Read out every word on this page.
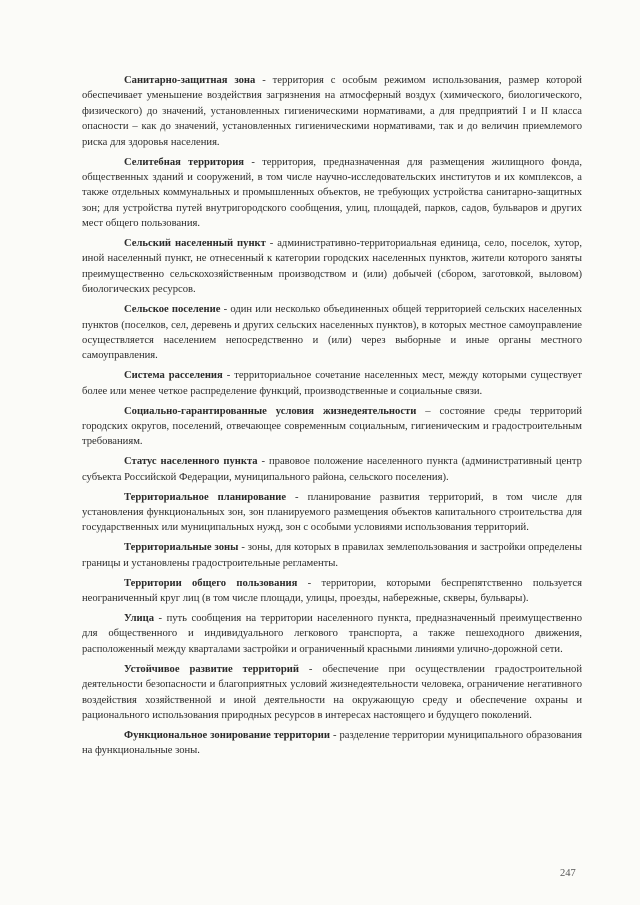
Санитарно-защитная зона - территория с особым режимом использования, размер которой обеспечивает уменьшение воздействия загрязнения на атмосферный воздух (химического, биологического, физического) до значений, установленных гигиеническими нормативами, а для предприятий I и II класса опасности – как до значений, установленных гигиеническими нормативами, так и до величин приемлемого риска для здоровья населения.

Селитебная территория - территория, предназначенная для размещения жилищного фонда, общественных зданий и сооружений, в том числе научно-исследовательских институтов и их комплексов, а также отдельных коммунальных и промышленных объектов, не требующих устройства санитарно-защитных зон; для устройства путей внутригородского сообщения, улиц, площадей, парков, садов, бульваров и других мест общего пользования.

Сельский населенный пункт - административно-территориальная единица, село, поселок, хутор, иной населенный пункт, не отнесенный к категории городских населенных пунктов, жители которого заняты преимущественно сельскохозяйственным производством и (или) добычей (сбором, заготовкой, выловом) биологических ресурсов.

Сельское поселение - один или несколько объединенных общей территорией сельских населенных пунктов (поселков, сел, деревень и других сельских населенных пунктов), в которых местное самоуправление осуществляется населением непосредственно и (или) через выборные и иные органы местного самоуправления.

Система расселения - территориальное сочетание населенных мест, между которыми существует более или менее четкое распределение функций, производственные и социальные связи.

Социально-гарантированные условия жизнедеятельности – состояние среды территорий городских округов, поселений, отвечающее современным социальным, гигиеническим и градостроительным требованиям.

Статус населенного пункта - правовое положение населенного пункта (административный центр субъекта Российской Федерации, муниципального района, сельского поселения).

Территориальное планирование - планирование развития территорий, в том числе для установления функциональных зон, зон планируемого размещения объектов капитального строительства для государственных или муниципальных нужд, зон с особыми условиями использования территорий.

Территориальные зоны - зоны, для которых в правилах землепользования и застройки определены границы и установлены градостроительные регламенты.

Территории общего пользования - территории, которыми беспрепятственно пользуется неограниченный круг лиц (в том числе площади, улицы, проезды, набережные, скверы, бульвары).

Улица - путь сообщения на территории населенного пункта, предназначенный преимущественно для общественного и индивидуального легкового транспорта, а также пешеходного движения, расположенный между кварталами застройки и ограниченный красными линиями улично-дорожной сети.

Устойчивое развитие территорий - обеспечение при осуществлении градостроительной деятельности безопасности и благоприятных условий жизнедеятельности человека, ограничение негативного воздействия хозяйственной и иной деятельности на окружающую среду и обеспечение охраны и рационального использования природных ресурсов в интересах настоящего и будущего поколений.

Функциональное зонирование территории - разделение территории муниципального образования на функциональные зоны.

247
